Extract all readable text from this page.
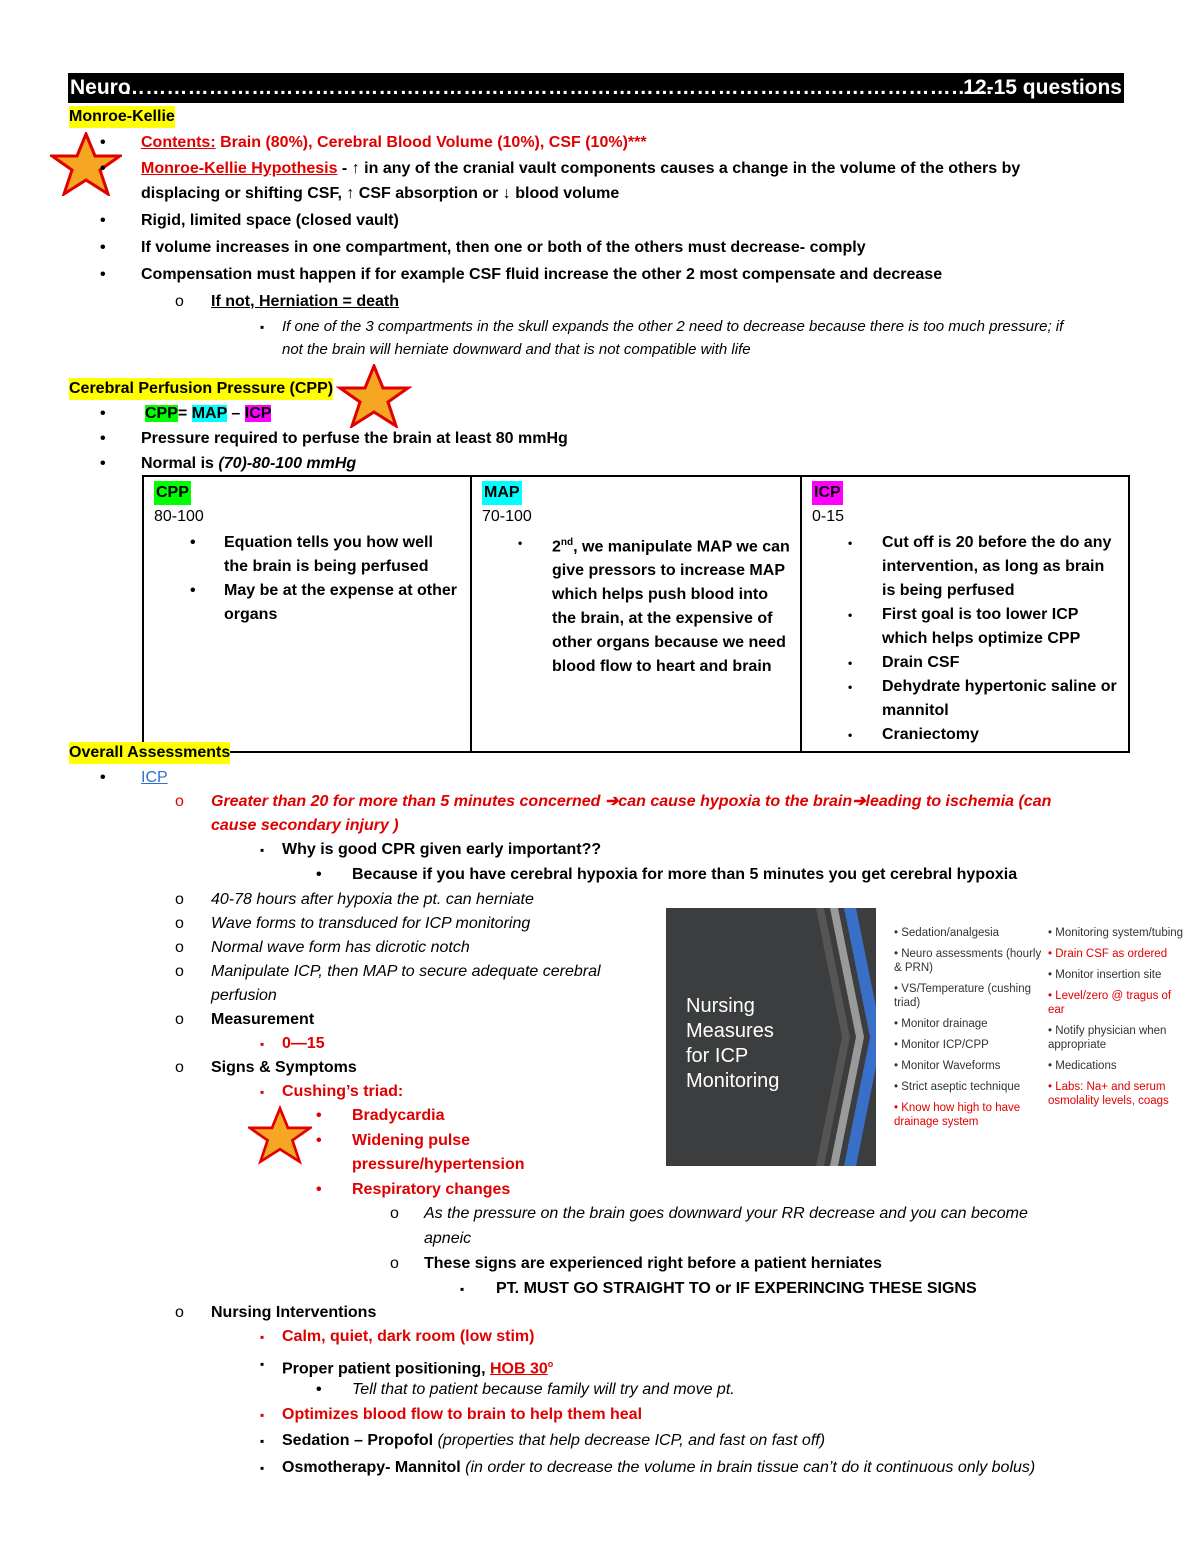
Neuro
……………………………………………………………………………………………………………
12-15 questions
Monroe-Kellie
• Contents: Brain (80%), Cerebral Blood Volume (10%), CSF (10%)***
• Monroe-Kellie Hypothesis - ↑ in any of the cranial vault components causes a change in the volume of the others by
displacing or shifting CSF, ↑ CSF absorption or ↓ blood volume
• Rigid, limited space (closed vault)
• If volume increases in one compartment, then one or both of the others must decrease- comply
• Compensation must happen if for example CSF fluid increase the other 2 most compensate and decrease
o If not, Herniation = death
▪ If one of the 3 compartments in the skull expands the other 2 need to decrease because there is too much pressure; if
not the brain will herniate downward and that is not compatible with life
Cerebral Perfusion Pressure (CPP)
• CPP= MAP – ICP
• Pressure required to perfuse the brain at least 80 mmHg
• Normal is (70)-80-100 mmHg
CPP
80-100
• Equation tells you how well the brain is being perfused
• May be at the expense at other organs
	MAP
70-100
• 2nd, we manipulate MAP we can give pressors to increase MAP which helps push blood into the brain, at the expensive of other organs because we need blood flow to heart and brain
	ICP
0-15
• Cut off is 20 before the do any intervention, as long as brain is being perfused
• First goal is too lower ICP which helps optimize CPP
• Drain CSF
• Dehydrate hypertonic saline or mannitol
• Craniectomy
Overall Assessments
• ICP
o Greater than 20 for more than 5 minutes concerned ➔can cause hypoxia to the brain➔leading to ischemia (can
cause secondary injury )
▪ Why is good CPR given early important??
• Because if you have cerebral hypoxia for more than 5 minutes you get cerebral hypoxia
o 40-78 hours after hypoxia the pt. can herniate
o Wave forms to transduced for ICP monitoring
o Normal wave form has dicrotic notch
o Manipulate ICP, then MAP to secure adequate cerebral
perfusion
o Measurement
▪ 0—15
o Signs & Symptoms
▪ Cushing’s triad:
• Bradycardia
• Widening pulse
pressure/hypertension
• Respiratory changes
o As the pressure on the brain goes downward your RR decrease and you can become
apneic
o These signs are experienced right before a patient herniates
▪ PT. MUST GO STRAIGHT TO or IF EXPERINCING THESE SIGNS
o Nursing Interventions
▪ Calm, quiet, dark room (low stim)
▪ Proper patient positioning, HOB 30$^o$
• Tell that to patient because family will try and move pt.
▪ Optimizes blood flow to brain to help them heal
▪ Sedation – Propofol (properties that help decrease ICP, and fast on fast off)
▪ Osmotherapy- Mannitol (in order to decrease the volume in brain tissue can’t do it continuous only bolus)
Nursing
Measures
for ICP
Monitoring
• Sedation/analgesia
• Neuro assessments (hourly & PRN)
• VS/Temperature (cushing triad)
• Monitor drainage
• Monitor ICP/CPP
• Monitor Waveforms
• Strict aseptic technique
• Know how high to have drainage system
• Monitoring system/tubing
• Drain CSF as ordered
• Monitor insertion site
• Level/zero @ tragus of ear
• Notify physician when appropriate
• Medications
• Labs: Na+ and serum osmolality levels, coags
